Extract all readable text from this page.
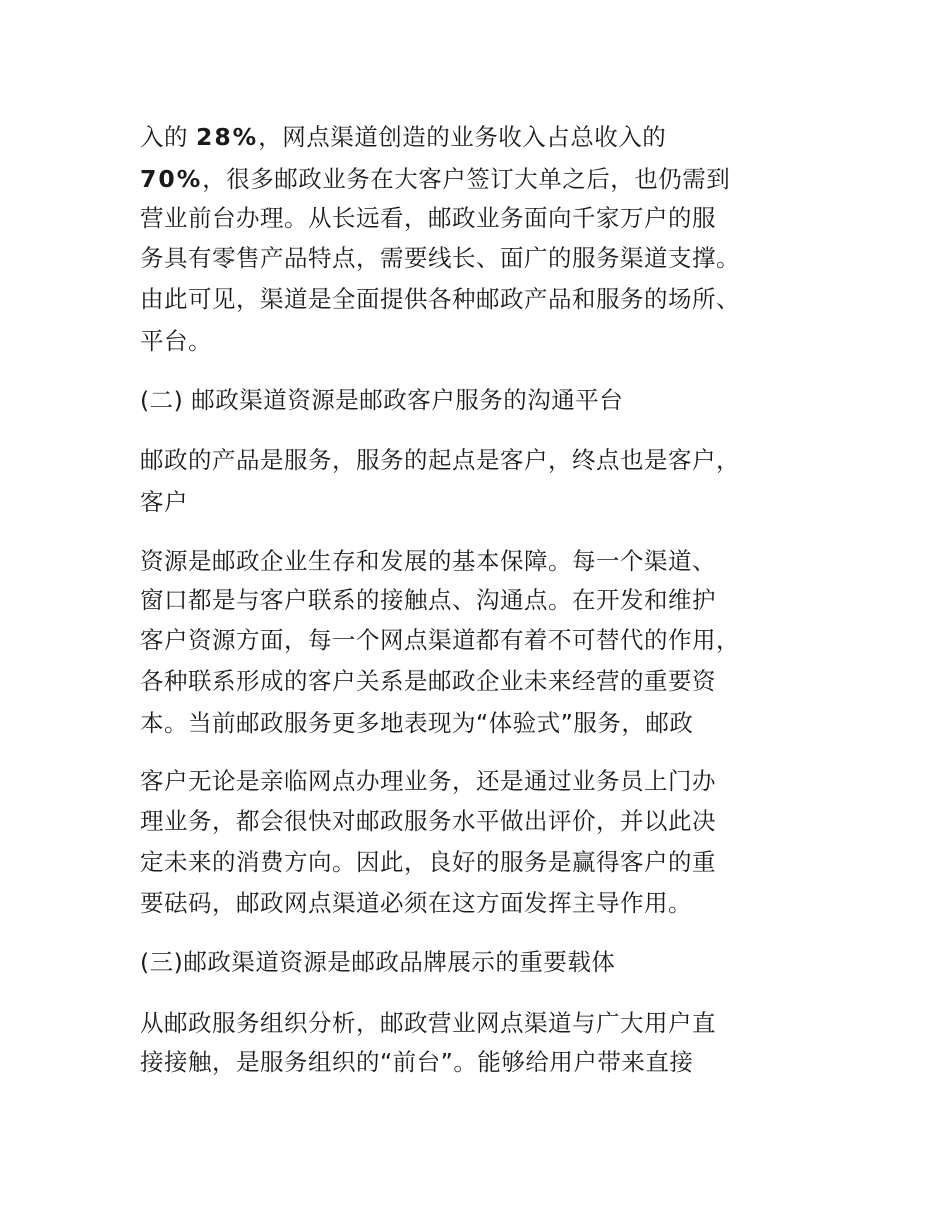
入的 28%，网点渠道创造的业务收入占总收入的
70%，很多邮政业务在大客户签订大单之后，也仍需到
营业前台办理。从长远看，邮政业务面向千家万户的服
务具有零售产品特点，需要线长、面广的服务渠道支撑。
由此可见，渠道是全面提供各种邮政产品和服务的场所、
平台。
(二) 邮政渠道资源是邮政客户服务的沟通平台
邮政的产品是服务，服务的起点是客户，终点也是客户，
客户
资源是邮政企业生存和发展的基本保障。每一个渠道、
窗口都是与客户联系的接触点、沟通点。在开发和维护
客户资源方面，每一个网点渠道都有着不可替代的作用，
各种联系形成的客户关系是邮政企业未来经营的重要资
本。当前邮政服务更多地表现为“体验式”服务，邮政
客户无论是亲临网点办理业务，还是通过业务员上门办
理业务，都会很快对邮政服务水平做出评价，并以此决
定未来的消费方向。因此，良好的服务是赢得客户的重
要砝码，邮政网点渠道必须在这方面发挥主导作用。
(三)邮政渠道资源是邮政品牌展示的重要载体
从邮政服务组织分析，邮政营业网点渠道与广大用户直
接接触，是服务组织的“前台”。能够给用户带来直接
